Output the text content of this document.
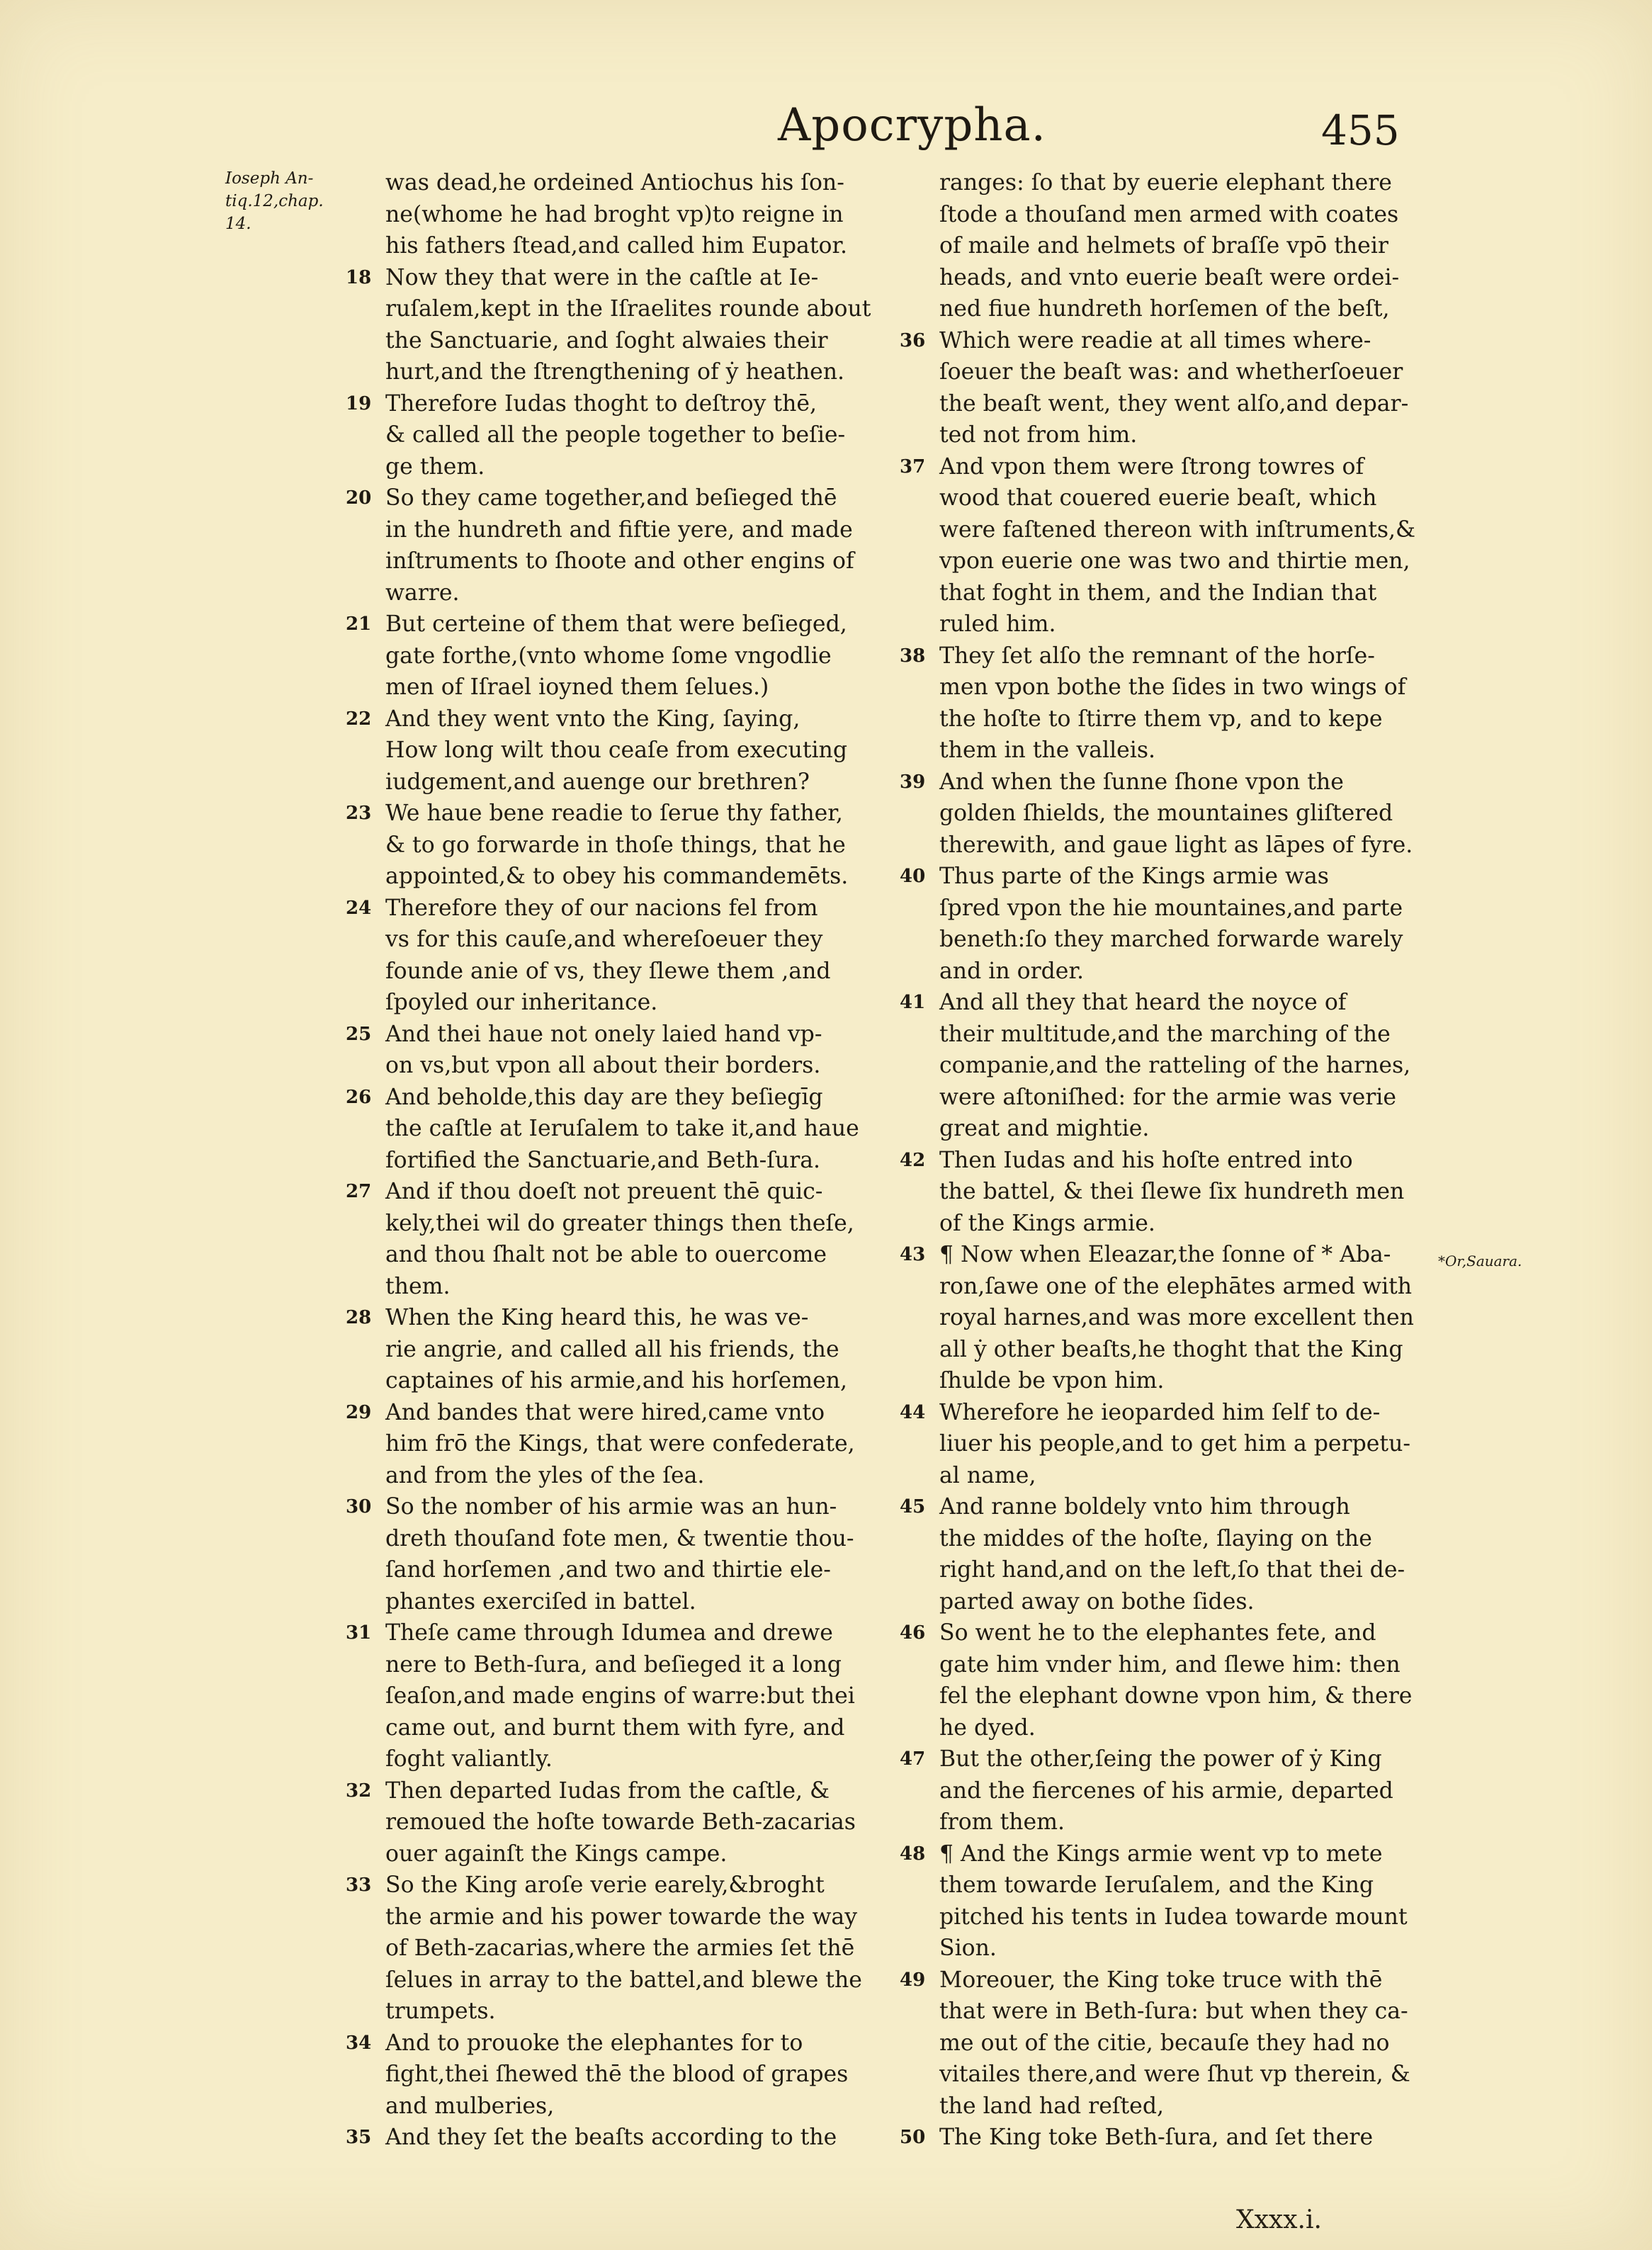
Apocrypha.	455
Ioseph An-
tiq.12,chap.
14.
*Or,Sauara.
was dead,he ordeined Antiochus his ſon-
ne(whome he had broght vp)to reigne in
his fathers ſtead,and called him Eupator.
18 Now they that were in the caſtle at Ie-
ruſalem,kept in the Iſraelites rounde about
the Sanctuarie, and ſoght alwaies their
hurt,and the ſtrengthening of ẏ heathen.
19 Therefore Iudas thoght to deſtroy thē,
& called all the people together to beſie-
ge them.
20 So they came together,and beſieged thē
in the hundreth and fiftie yere, and made
inſtruments to ſhoote and other engins of
warre.
21 But certeine of them that were beſieged,
gate forthe,(vnto whome ſome vngodlie
men of Iſrael ioyned them ſelues.)
22 And they went vnto the King, ſaying,
How long wilt thou ceaſe from executing
iudgement,and auenge our brethren?
23 We haue bene readie to ſerue thy father,
& to go forwarde in thoſe things, that he
appointed,& to obey his commandemēts.
24 Therefore they of our nacions fel from
vs for this cauſe,and whereſoeuer they
founde anie of vs, they ſlewe them ,and
ſpoyled our inheritance.
25 And thei haue not onely laied hand vp-
on vs,but vpon all about their borders.
26 And beholde,this day are they beſiegīg
the caſtle at Ieruſalem to take it,and haue
fortified the Sanctuarie,and Beth-ſura.
27 And if thou doeſt not preuent thē quic-
kely,thei wil do greater things then theſe,
and thou ſhalt not be able to ouercome
them.
28 When the King heard this, he was ve-
rie angrie, and called all his friends, the
captaines of his armie,and his horſemen,
29 And bandes that were hired,came vnto
him frō the Kings, that were confederate,
and from the yles of the ſea.
30 So the nomber of his armie was an hun-
dreth thouſand fote men, & twentie thou-
ſand horſemen ,and two and thirtie ele-
phantes exerciſed in battel.
31 Theſe came through Idumea and drewe
nere to Beth-ſura, and beſieged it a long
ſeaſon,and made engins of warre:but thei
came out, and burnt them with fyre, and
foght valiantly.
32 Then departed Iudas from the caſtle, &
remoued the hoſte towarde Beth-zacarias
ouer againſt the Kings campe.
33 So the King aroſe verie earely,&broght
the armie and his power towarde the way
of Beth-zacarias,where the armies ſet thē
ſelues in array to the battel,and blewe the
trumpets.
34 And to prouoke the elephantes for to
fight,thei ſhewed thē the blood of grapes
and mulberies,
35 And they ſet the beaſts according to the
ranges: ſo that by euerie elephant there
ſtode a thouſand men armed with coates
of maile and helmets of braſſe vpō their
heads, and vnto euerie beaſt were ordei-
ned fiue hundreth horſemen of the beſt,
36 Which were readie at all times where-
ſoeuer the beaſt was: and whetherſoeuer
the beaſt went, they went alſo,and depar-
ted not from him.
37 And vpon them were ſtrong towres of
wood that couered euerie beaſt, which
were faſtened thereon with inſtruments,&
vpon euerie one was two and thirtie men,
that foght in them, and the Indian that
ruled him.
38 They ſet alſo the remnant of the horſe-
men vpon bothe the ſides in two wings of
the hoſte to ſtirre them vp, and to kepe
them in the valleis.
39 And when the ſunne ſhone vpon the
golden ſhields, the mountaines gliſtered
therewith, and gaue light as lāpes of fyre.
40 Thus parte of the Kings armie was
ſpred vpon the hie mountaines,and parte
beneth:ſo they marched forwarde warely
and in order.
41 And all they that heard the noyce of
their multitude,and the marching of the
companie,and the ratteling of the harnes,
were aſtoniſhed: for the armie was verie
great and mightie.
42 Then Iudas and his hoſte entred into
the battel, & thei ſlewe ſix hundreth men
of the Kings armie.
43 ¶ Now when Eleazar,the ſonne of * Aba-
ron,ſawe one of the elephātes armed with
royal harnes,and was more excellent then
all ẏ other beaſts,he thoght that the King
ſhulde be vpon him.
44 Wherefore he ieoparded him ſelf to de-
liuer his people,and to get him a perpetu-
al name,
45 And ranne boldely vnto him through
the middes of the hoſte, ſlaying on the
right hand,and on the left,ſo that thei de-
parted away on bothe ſides.
46 So went he to the elephantes fete, and
gate him vnder him, and ſlewe him: then
fel the elephant downe vpon him, & there
he dyed.
47 But the other,ſeing the power of ẏ King
and the fiercenes of his armie, departed
from them.
48 ¶ And the Kings armie went vp to mete
them towarde Ieruſalem, and the King
pitched his tents in Iudea towarde mount
Sion.
49 Moreouer, the King toke truce with thē
that were in Beth-ſura: but when they ca-
me out of the citie, becauſe they had no
vitailes there,and were ſhut vp therein, &
the land had reſted,
50 The King toke Beth-ſura, and ſet there
Xxxx.i.
